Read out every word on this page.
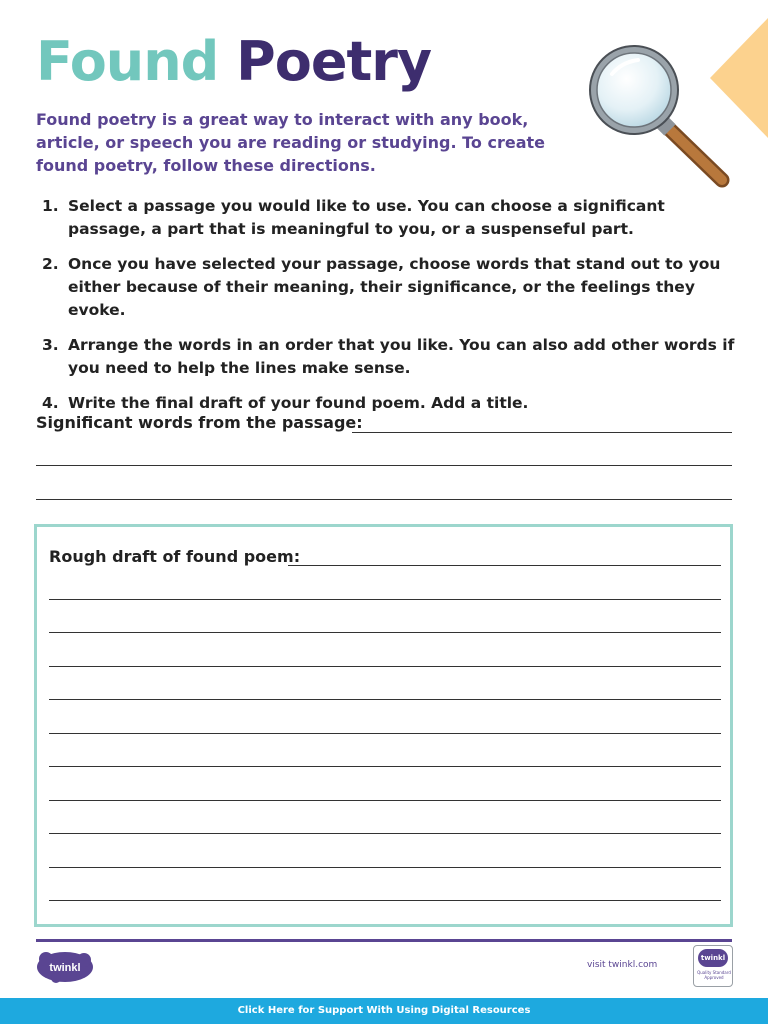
Found Poetry

Found poetry is a great way to interact with any book, article, or speech you are reading or studying. To create found poetry, follow these directions.

1. Select a passage you would like to use. You can choose a significant passage, a part that is meaningful to you, or a suspenseful part.
2. Once you have selected your passage, choose words that stand out to you either because of their meaning, their significance, or the feelings they evoke.
3. Arrange the words in an order that you like. You can also add other words if you need to help the lines make sense.
4. Write the final draft of your found poem. Add a title.
Significant words from the passage:
Rough draft of found poem:
twinkl	visit twinkl.com
twinkl
Quality Standard Approved
Click Here for Support With Using Digital Resources
